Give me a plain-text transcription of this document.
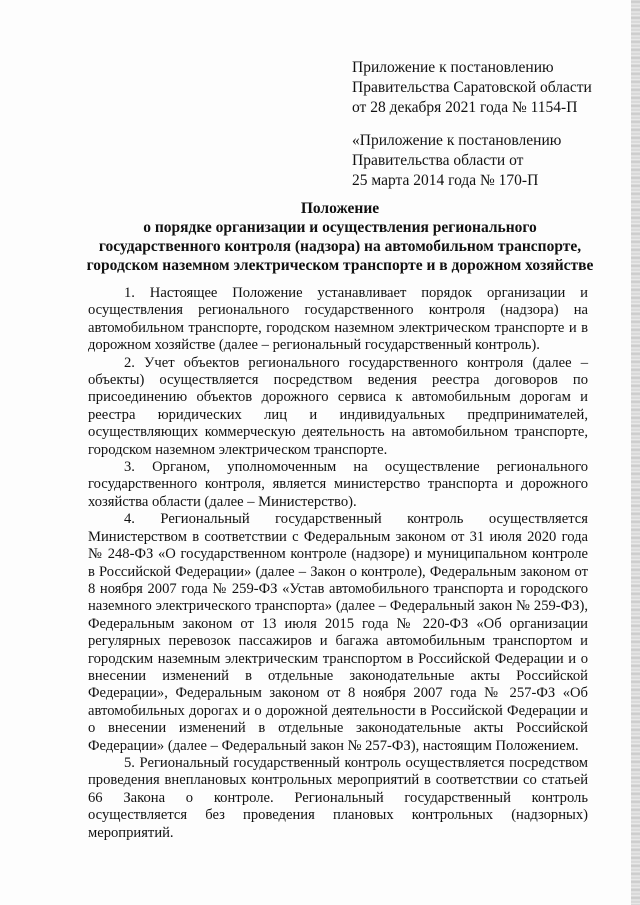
Приложение к постановлению
Правительства Саратовской области
от 28 декабря 2021 года № 1154-П
«Приложение к постановлению
Правительства области от
25 марта 2014 года № 170-П
Положение
о порядке организации и осуществления регионального
государственного контроля (надзора) на автомобильном транспорте,
городском наземном электрическом транспорте и в дорожном хозяйстве

1. Настоящее Положение устанавливает порядок организации и осуществления регионального государственного контроля (надзора) на автомобильном транспорте, городском наземном электрическом транспорте и в дорожном хозяйстве (далее – региональный государственный контроль).

2. Учет объектов регионального государственного контроля (далее – объекты) осуществляется посредством ведения реестра договоров по присоединению объектов дорожного сервиса к автомобильным дорогам и реестра юридических лиц и индивидуальных предпринимателей, осуществляющих коммерческую деятельность на автомобильном транспорте, городском наземном электрическом транспорте.

3. Органом, уполномоченным на осуществление регионального государственного контроля, является министерство транспорта и дорожного хозяйства области (далее – Министерство).

4. Региональный государственный контроль осуществляется Министерством в соответствии с Федеральным законом от 31 июля 2020 года № 248-ФЗ «О государственном контроле (надзоре) и муниципальном контроле в Российской Федерации» (далее – Закон о контроле), Федеральным законом от 8 ноября 2007 года № 259-ФЗ «Устав автомобильного транспорта и городского наземного электрического транспорта» (далее – Федеральный закон № 259-ФЗ), Федеральным законом от 13 июля 2015 года № 220-ФЗ «Об организации регулярных перевозок пассажиров и багажа автомобильным транспортом и городским наземным электрическим транспортом в Российской Федерации и о внесении изменений в отдельные законодательные акты Российской Федерации», Федеральным законом от 8 ноября 2007 года № 257-ФЗ «Об автомобильных дорогах и о дорожной деятельности в Российской Федерации и о внесении изменений в отдельные законодательные акты Российской Федерации» (далее – Федеральный закон № 257-ФЗ), настоящим Положением.

5. Региональный государственный контроль осуществляется посредством проведения внеплановых контрольных мероприятий в соответствии со статьей 66 Закона о контроле. Региональный государственный контроль осуществляется без проведения плановых контрольных (надзорных) мероприятий.
